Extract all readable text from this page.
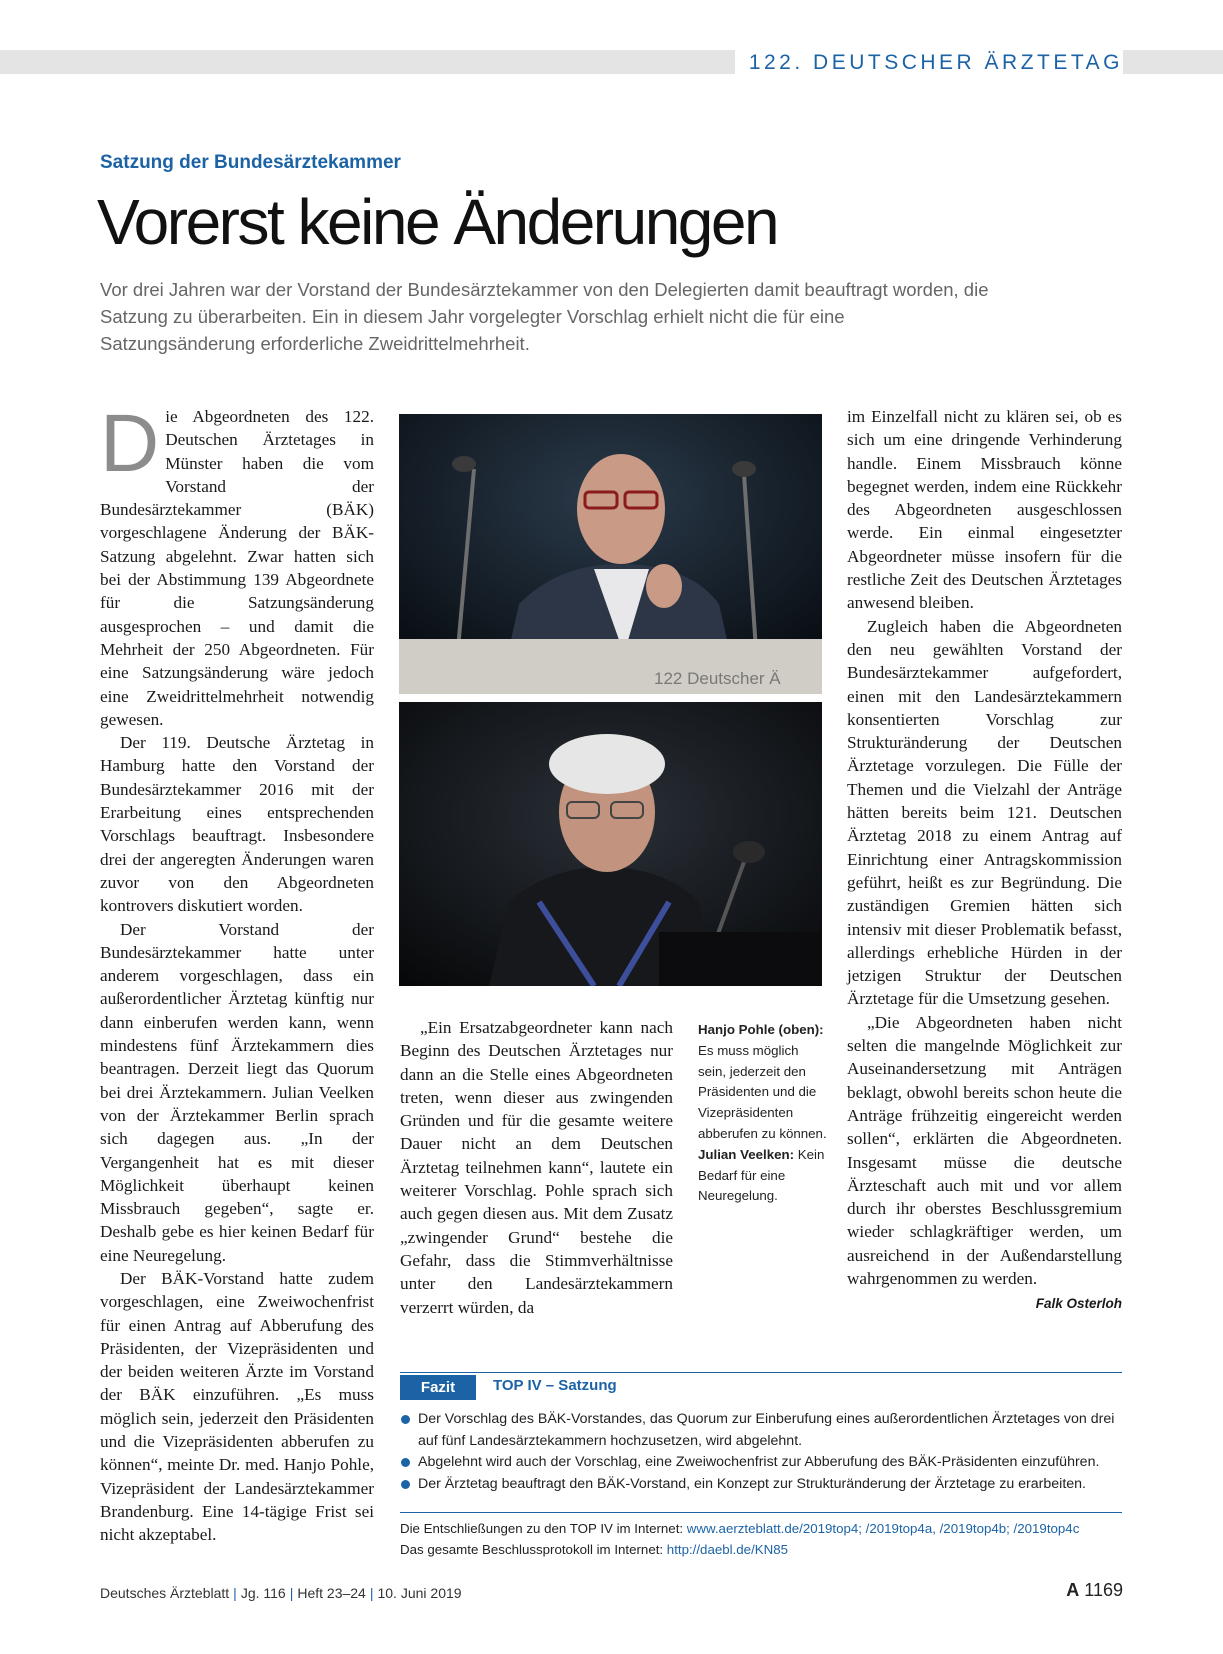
122. DEUTSCHER ÄRZTETAG
Satzung der Bundesärztekammer
Vorerst keine Änderungen

Vor drei Jahren war der Vorstand der Bundesärztekammer von den Delegierten damit beauftragt worden, die Satzung zu überarbeiten. Ein in diesem Jahr vorgelegter Vorschlag erhielt nicht die für eine Satzungsänderung erforderliche Zweidrittelmehrheit.

Die Abgeordneten des 122. Deutschen Ärztetages in Münster haben die vom Vorstand der Bundesärztekammer (BÄK) vorgeschlagene Änderung der BÄK-Satzung abgelehnt. Zwar hatten sich bei der Abstimmung 139 Abgeordnete für die Satzungsänderung ausgesprochen – und damit die Mehrheit der 250 Abgeordneten. Für eine Satzungsänderung wäre jedoch eine Zweidrittelmehrheit notwendig gewesen.

Der 119. Deutsche Ärztetag in Hamburg hatte den Vorstand der Bundesärztekammer 2016 mit der Erarbeitung eines entsprechenden Vorschlags beauftragt. Insbesondere drei der angeregten Änderungen waren zuvor von den Abgeordneten kontrovers diskutiert worden.

Der Vorstand der Bundesärztekammer hatte unter anderem vorgeschlagen, dass ein außerordentlicher Ärztetag künftig nur dann einberufen werden kann, wenn mindestens fünf Ärztekammern dies beantragen. Derzeit liegt das Quorum bei drei Ärztekammern. Julian Veelken von der Ärztekammer Berlin sprach sich dagegen aus. „In der Vergangenheit hat es mit dieser Möglichkeit überhaupt keinen Missbrauch gegeben“, sagte er. Deshalb gebe es hier keinen Bedarf für eine Neuregelung.

Der BÄK-Vorstand hatte zudem vorgeschlagen, eine Zweiwochenfrist für einen Antrag auf Abberufung des Präsidenten, der Vizepräsidenten und der beiden weiteren Ärzte im Vorstand der BÄK einzuführen. „Es muss möglich sein, jederzeit den Präsidenten und die Vizepräsidenten abberufen zu können“, meinte Dr. med. Hanjo Pohle, Vizepräsident der Landesärztekammer Brandenburg. Eine 14-tägige Frist sei nicht akzeptabel.

122 Deutscher Ä

„Ein Ersatzabgeordneter kann nach Beginn des Deutschen Ärztetages nur dann an die Stelle eines Abgeordneten treten, wenn dieser aus zwingenden Gründen und für die gesamte weitere Dauer nicht an dem Deutschen Ärztetag teilnehmen kann“, lautete ein weiterer Vorschlag. Pohle sprach sich auch gegen diesen aus. Mit dem Zusatz „zwingender Grund“ bestehe die Gefahr, dass die Stimmverhältnisse unter den Landesärztekammern verzerrt würden, da

Hanjo Pohle (oben): Es muss möglich sein, jederzeit den Präsidenten und die Vizepräsidenten abberufen zu können.
Julian Veelken: Kein Bedarf für eine Neuregelung.

im Einzelfall nicht zu klären sei, ob es sich um eine dringende Verhinderung handle. Einem Missbrauch könne begegnet werden, indem eine Rückkehr des Abgeordneten ausgeschlossen werde. Ein einmal eingesetzter Abgeordneter müsse insofern für die restliche Zeit des Deutschen Ärztetages anwesend bleiben.

Zugleich haben die Abgeordneten den neu gewählten Vorstand der Bundesärztekammer aufgefordert, einen mit den Landesärztekammern konsentierten Vorschlag zur Strukturänderung der Deutschen Ärztetage vorzulegen. Die Fülle der Themen und die Vielzahl der Anträge hätten bereits beim 121. Deutschen Ärztetag 2018 zu einem Antrag auf Einrichtung einer Antragskommission geführt, heißt es zur Begründung. Die zuständigen Gremien hätten sich intensiv mit dieser Problematik befasst, allerdings erhebliche Hürden in der jetzigen Struktur der Deutschen Ärztetage für die Umsetzung gesehen.

„Die Abgeordneten haben nicht selten die mangelnde Möglichkeit zur Auseinandersetzung mit Anträgen beklagt, obwohl bereits schon heute die Anträge frühzeitig eingereicht werden sollen“, erklärten die Abgeordneten. Insgesamt müsse die deutsche Ärzteschaft auch mit und vor allem durch ihr oberstes Beschlussgremium wieder schlagkräftiger werden, um ausreichend in der Außendarstellung wahrgenommen zu werden.
Falk Osterloh

Fazit	TOP IV – Satzung
Der Vorschlag des BÄK-Vorstandes, das Quorum zur Einberufung eines außerordentlichen Ärztetages von drei auf fünf Landesärztekammern hochzusetzen, wird abgelehnt.
Abgelehnt wird auch der Vorschlag, eine Zweiwochenfrist zur Abberufung des BÄK-Präsidenten einzuführen.
Der Ärztetag beauftragt den BÄK-Vorstand, ein Konzept zur Strukturänderung der Ärztetage zu erarbeiten.
Die Entschließungen zu den TOP IV im Internet: www.aerzteblatt.de/2019top4; /2019top4a, /2019top4b; /2019top4c
Das gesamte Beschlussprotokoll im Internet: http://daebl.de/KN85
Deutsches Ärzteblatt | Jg. 116 | Heft 23–24 | 10. Juni 2019	A 1169
